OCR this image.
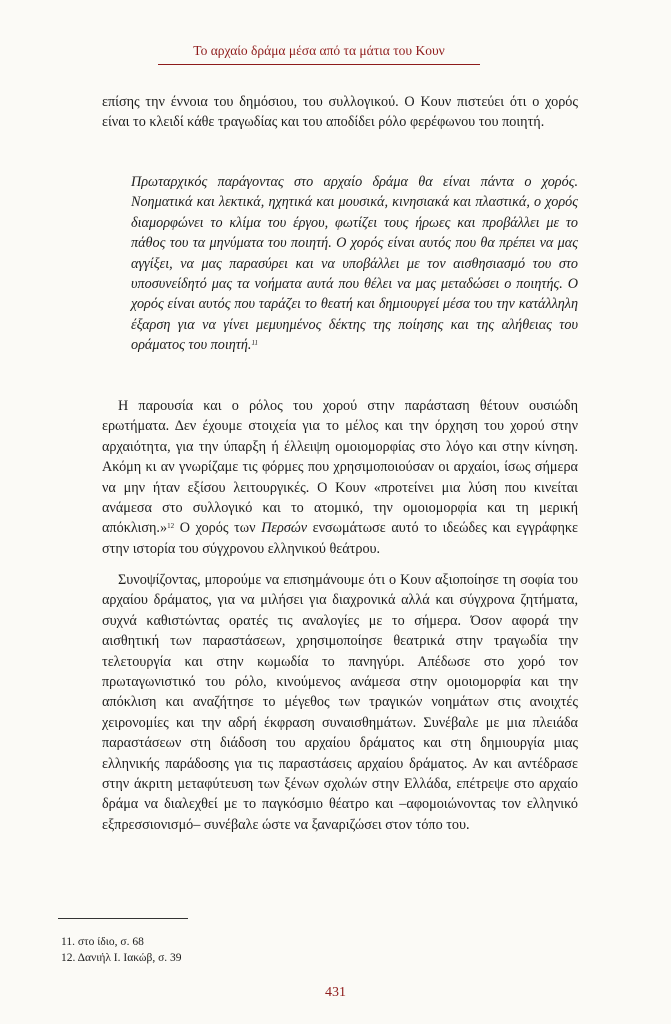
Το αρχαίο δράμα μέσα από τα μάτια του Κουν

επίσης την έννοια του δημόσιου, του συλλογικού. Ο Κουν πιστεύει ότι ο χορός είναι το κλειδί κάθε τραγωδίας και του αποδίδει ρόλο φερέφωνου του ποιητή.

Πρωταρχικός παράγοντας στο αρχαίο δράμα θα είναι πάντα ο χορός. Νοηματικά και λεκτικά, ηχητικά και μουσικά, κινησιακά και πλαστικά, ο χορός διαμορφώνει το κλίμα του έργου, φωτίζει τους ήρωες και προβάλλει με το πάθος του τα μηνύματα του ποιητή. Ο χορός είναι αυτός που θα πρέπει να μας αγγίξει, να μας παρασύρει και να υποβάλλει με τον αισθησιασμό του στο υποσυνείδητό μας τα νοήματα αυτά που θέλει να μας μεταδώσει ο ποιητής. Ο χορός είναι αυτός που ταράζει το θεατή και δημιουργεί μέσα του την κατάλληλη έξαρση για να γίνει μεμυημένος δέκτης της ποίησης και της αλήθειας του οράματος του ποιητή.$^{11}$

Η παρουσία και ο ρόλος του χορού στην παράσταση θέτουν ουσιώδη ερωτήματα. Δεν έχουμε στοιχεία για το μέλος και την όρχηση του χορού στην αρχαιότητα, για την ύπαρξη ή έλλειψη ομοιομορφίας στο λόγο και στην κίνηση. Ακόμη κι αν γνωρίζαμε τις φόρμες που χρησιμοποιούσαν οι αρχαίοι, ίσως σήμερα να μην ήταν εξίσου λειτουργικές. Ο Κουν «προτείνει μια λύση που κινείται ανάμεσα στο συλλογικό και το ατομικό, την ομοιομορφία και τη μερική απόκλιση.»$^{12}$ Ο χορός των Περσών ενσωμάτωσε αυτό το ιδεώδες και εγγράφηκε στην ιστορία του σύγχρονου ελληνικού θεάτρου.

Συνοψίζοντας, μπορούμε να επισημάνουμε ότι ο Κουν αξιοποίησε τη σοφία του αρχαίου δράματος, για να μιλήσει για διαχρονικά αλλά και σύγχρονα ζητήματα, συχνά καθιστώντας ορατές τις αναλογίες με το σήμερα. Όσον αφορά την αισθητική των παραστάσεων, χρησιμοποίησε θεατρικά στην τραγωδία την τελετουργία και στην κωμωδία το πανηγύρι. Απέδωσε στο χορό τον πρωταγωνιστικό του ρόλο, κινούμενος ανάμεσα στην ομοιομορφία και την απόκλιση και αναζήτησε το μέγεθος των τραγικών νοημάτων στις ανοιχτές χειρονομίες και την αδρή έκφραση συναισθημάτων. Συνέβαλε με μια πλειάδα παραστάσεων στη διάδοση του αρχαίου δράματος και στη δημιουργία μιας ελληνικής παράδοσης για τις παραστάσεις αρχαίου δράματος. Αν και αντέδρασε στην άκριτη μεταφύτευση των ξένων σχολών στην Ελλάδα, επέτρεψε στο αρχαίο δράμα να διαλεχθεί με το παγκόσμιο θέατρο και –αφομοιώνοντας τον ελληνικό εξπρεσσιονισμό– συνέβαλε ώστε να ξαναριζώσει στον τόπο του.

11. στο ίδιο, σ. 68
12. Δανιήλ Ι. Ιακώβ, σ. 39
431
